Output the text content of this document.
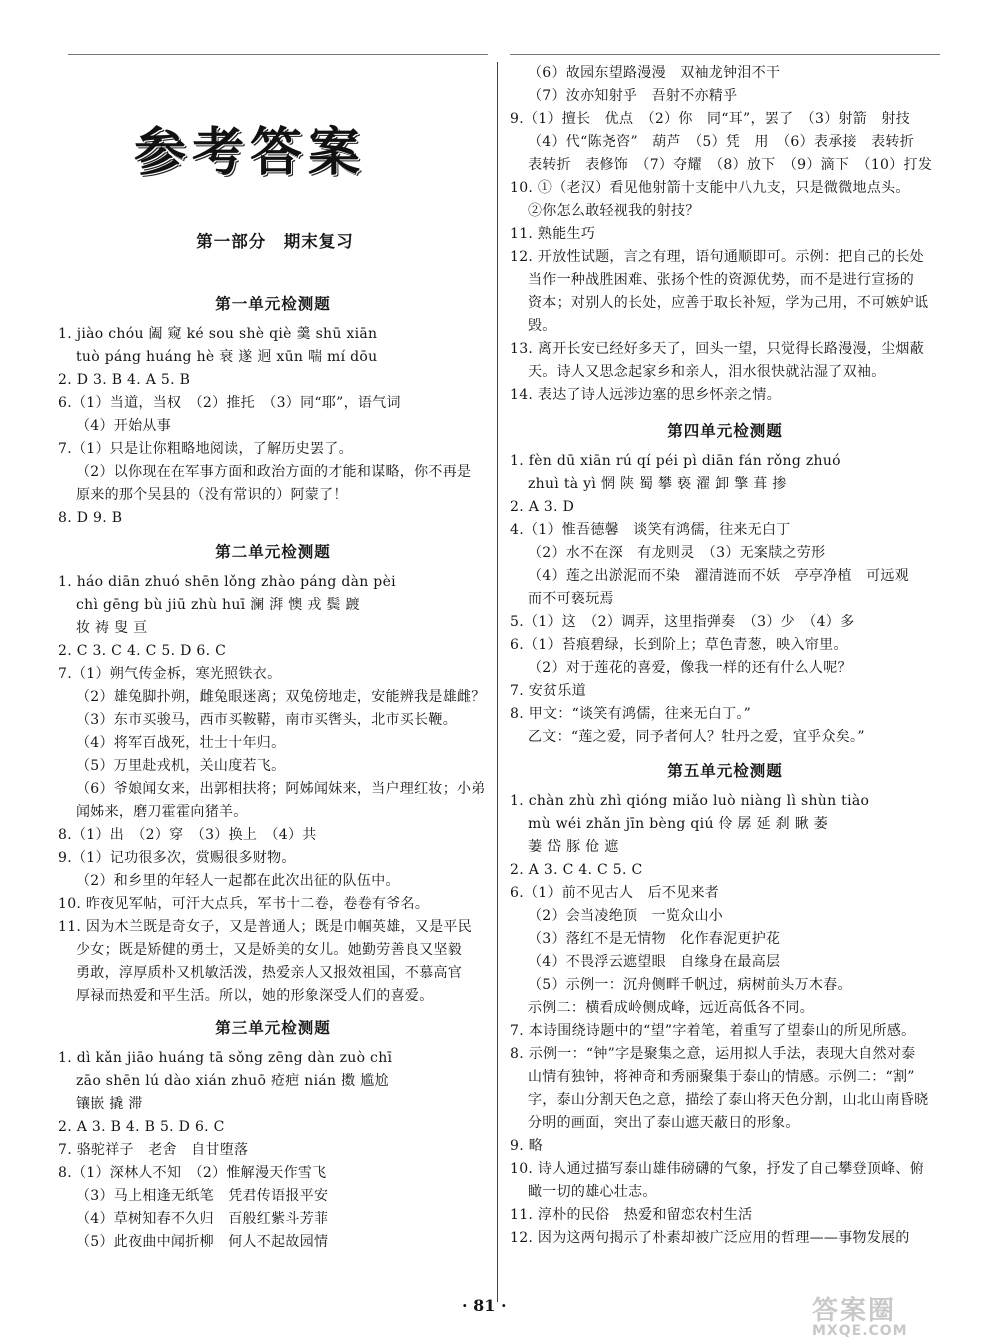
参考答案
第一部分　期末复习
第一单元检测题
1. jiào chóu 阖 窥 ké sou shè qiè 羹 shū xiān
tuò páng huáng hè 衰 遂 迥 xūn 喘 mí dōu
2. D 3. B 4. A 5. B
6.（1）当道，当权　（2）推托　（3）同“耶”，语气词
（4）开始从事
7.（1）只是让你粗略地阅读，了解历史罢了。
（2）以你现在在军事方面和政治方面的才能和谋略，你不再是
原来的那个吴县的（没有常识的）阿蒙了！
8. D 9. B
第二单元检测题
1. háo diān zhuó shēn lǒng zhào páng dàn pèi
chì gēng bù jiū zhù huī 澜 湃 懊 戎 鬓 踱
妆 祷 叟 亘
2. C 3. C 4. C 5. D 6. C
7.（1）朔气传金柝，寒光照铁衣。
（2）雄兔脚扑朔，雌兔眼迷离；双兔傍地走，安能辨我是雄雌？
（3）东市买骏马，西市买鞍鞯，南市买辔头，北市买长鞭。
（4）将军百战死，壮士十年归。
（5）万里赴戎机，关山度若飞。
（6）爷娘闻女来，出郭相扶将；阿姊闻妹来，当户理红妆；小弟
闻姊来，磨刀霍霍向猪羊。
8.（1）出　（2）穿　（3）换上　（4）共
9.（1）记功很多次，赏赐很多财物。
（2）和乡里的年轻人一起都在此次出征的队伍中。
10. 昨夜见军帖，可汗大点兵，军书十二卷，卷卷有爷名。
11. 因为木兰既是奇女子，又是普通人；既是巾帼英雄，又是平民
少女；既是矫健的勇士，又是娇美的女儿。她勤劳善良又坚毅
勇敢，淳厚质朴又机敏活泼，热爱亲人又报效祖国，不慕高官
厚禄而热爱和平生活。所以，她的形象深受人们的喜爱。
第三单元检测题
1. dì kǎn jiāo huáng tā sǒng zēng dàn zuò chī
zāo shēn lú dào xián zhuō 疮疤 nián 擞 尴尬
镶嵌 撬 滞
2. A 3. B 4. B 5. D 6. C
7. 骆驼祥子　老舍　自甘堕落
8.（1）深林人不知　（2）惟解漫天作雪飞
（3）马上相逢无纸笔　凭君传语报平安
（4）草树知春不久归　百般红紫斗芳菲
（5）此夜曲中闻折柳　何人不起故园情
（6）故园东望路漫漫　双袖龙钟泪不干
（7）汝亦知射乎　吾射不亦精乎
9.（1）擅长　优点　（2）你　同“耳”，罢了　（3）射箭　射技
（4）代“陈尧咨”　葫芦　（5）凭　用　（6）表承接　表转折
表转折　表修饰　（7）夺耀　（8）放下　（9）滴下　（10）打发
10. ①（老汉）看见他射箭十支能中八九支，只是微微地点头。
②你怎么敢轻视我的射技？
11. 熟能生巧
12. 开放性试题，言之有理，语句通顺即可。示例：把自己的长处
当作一种战胜困难、张扬个性的资源优势，而不是进行宣扬的
资本；对别人的长处，应善于取长补短，学为己用，不可嫉妒诋
毁。
13. 离开长安已经好多天了，回头一望，只觉得长路漫漫，尘烟蔽
天。诗人又思念起家乡和亲人，泪水很快就沾湿了双袖。
14. 表达了诗人远涉边塞的思乡怀亲之情。
第四单元检测题
1. fèn dū xiān rú qí péi pì diān fán rǒng zhuó
zhuì tà yì 惘 陕 蜀 攀 亵 濯 卸 擎 葺 掺
2. A 3. D
4.（1）惟吾德馨　谈笑有鸿儒，往来无白丁
（2）水不在深　有龙则灵　（3）无案牍之劳形
（4）莲之出淤泥而不染　濯清涟而不妖　亭亭净植　可远观
而不可亵玩焉
5.（1）这　（2）调弄，这里指弹奏　（3）少　（4）多
6.（1）苔痕碧绿，长到阶上；草色青葱，映入帘里。
（2）对于莲花的喜爱，像我一样的还有什么人呢？
7. 安贫乐道
8. 甲文：“谈笑有鸿儒，往来无白丁。”
乙文：“莲之爱，同予者何人？牡丹之爱，宜乎众矣。”
第五单元检测题
1. chàn zhù zhì qióng miǎo luò niàng lì shùn tiào
mù wéi zhǎn jīn bèng qiú 伶 孱 延 刹 瞅 萎
萋 岱 豚 伧 遮
2. A 3. C 4. C 5. C
6.（1）前不见古人　后不见来者
（2）会当凌绝顶　一览众山小
（3）落红不是无情物　化作春泥更护花
（4）不畏浮云遮望眼　自缘身在最高层
（5）示例一：沉舟侧畔千帆过，病树前头万木春。
示例二：横看成岭侧成峰，远近高低各不同。
7. 本诗围绕诗题中的“望”字着笔，着重写了望泰山的所见所感。
8. 示例一：“钟”字是聚集之意，运用拟人手法，表现大自然对泰
山情有独钟，将神奇和秀丽聚集于泰山的情感。示例二：“割”
字，泰山分割天色之意，描绘了泰山将天色分割，山北山南昏晓
分明的画面，突出了泰山遮天蔽日的形象。
9. 略
10. 诗人通过描写泰山雄伟磅礴的气象，抒发了自己攀登顶峰、俯
瞰一切的雄心壮志。
11. 淳朴的民俗　热爱和留恋农村生活
12. 因为这两句揭示了朴素却被广泛应用的哲理——事物发展的
· 81 ·	答案圈
MXQE.COM
